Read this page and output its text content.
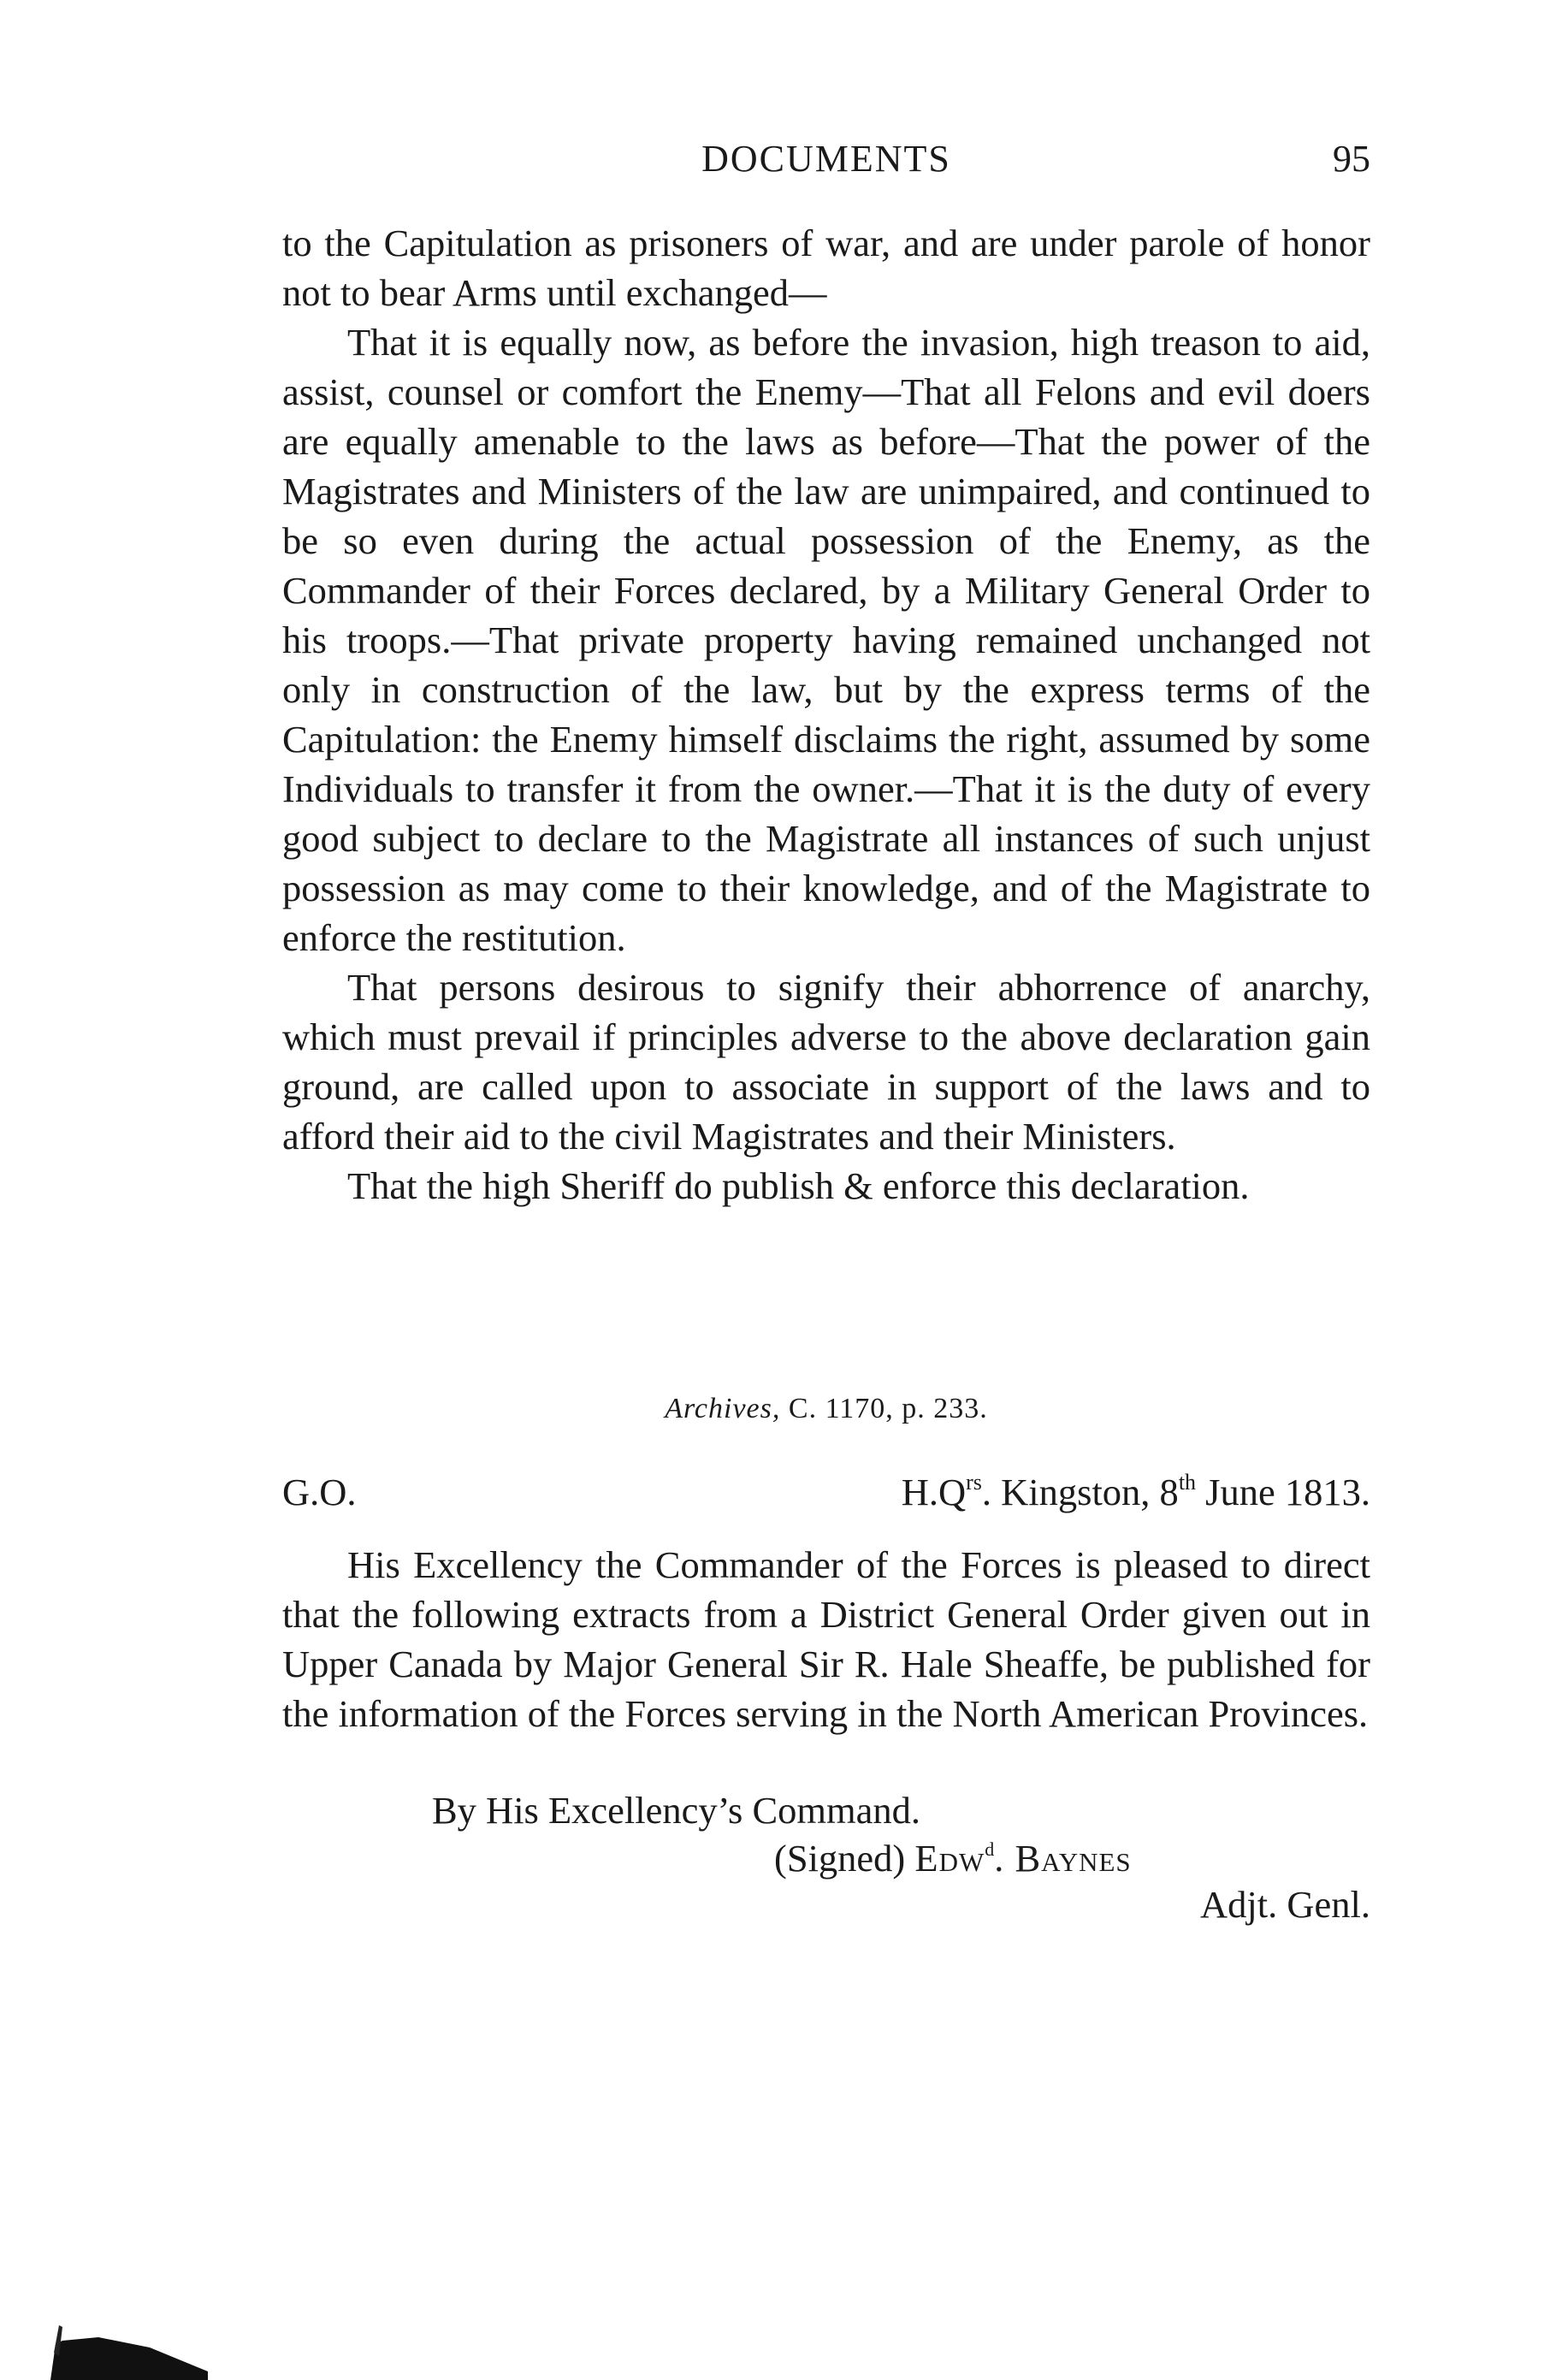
DOCUMENTS	95

to the Capitulation as prisoners of war, and are under parole of honor not to bear Arms until exchanged—

That it is equally now, as before the invasion, high treason to aid, assist, counsel or comfort the Enemy—That all Felons and evil doers are equally amenable to the laws as before—That the power of the Magistrates and Ministers of the law are unimpaired, and continued to be so even during the actual possession of the Enemy, as the Commander of their Forces declared, by a Military General Order to his troops.—That private property having remained unchanged not only in construction of the law, but by the express terms of the Capitulation: the Enemy himself disclaims the right, assumed by some Individuals to transfer it from the owner.—That it is the duty of every good subject to declare to the Magistrate all instances of such unjust possession as may come to their knowledge, and of the Magistrate to enforce the restitution.

That persons desirous to signify their abhorrence of anarchy, which must prevail if principles adverse to the above declaration gain ground, are called upon to associate in support of the laws and to afford their aid to the civil Magistrates and their Ministers.

That the high Sheriff do publish & enforce this declaration.

Archives, C. 1170, p. 233.
G.O.	$H.Q^{rs}$. Kingston, 8th June 1813.

His Excellency the Commander of the Forces is pleased to direct that the following extracts from a District General Order given out in Upper Canada by Major General Sir R. Hale Sheaffe, be published for the information of the Forces serving in the North American Provinces.

By His Excellency’s Command.
(Signed) Edw$^d$. Baynes
Adjt. Genl.
